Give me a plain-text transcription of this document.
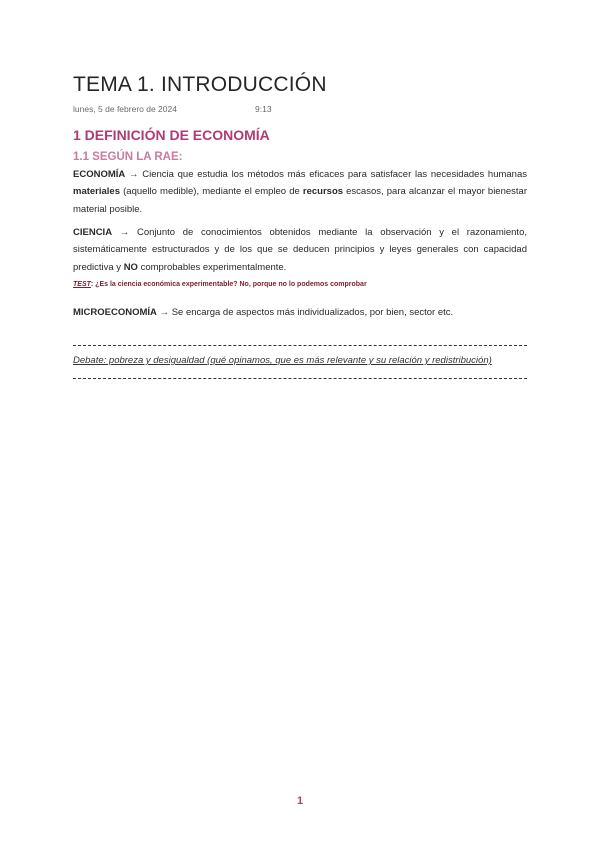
TEMA 1. INTRODUCCIÓN
lunes, 5 de febrero de 2024	9:13
1 DEFINICIÓN DE ECONOMÍA
1.1 SEGÚN LA RAE:

ECONOMÍA → Ciencia que estudia los métodos más eficaces para satisfacer las necesidades humanas materiales (aquello medible), mediante el empleo de recursos escasos, para alcanzar el mayor bienestar material posible.

CIENCIA → Conjunto de conocimientos obtenidos mediante la observación y el razonamiento, sistemáticamente estructurados y de los que se deducen principios y leyes generales con capacidad predictiva y NO comprobables experimentalmente.

TEST: ¿Es la ciencia económica experimentable? No, porque no lo podemos comprobar
MICROECONOMÍA → Se encarga de aspectos más individualizados, por bien, sector etc.
Debate: pobreza y desigualdad (qué opinamos, que es más relevante y su relación y redistribución)
1
